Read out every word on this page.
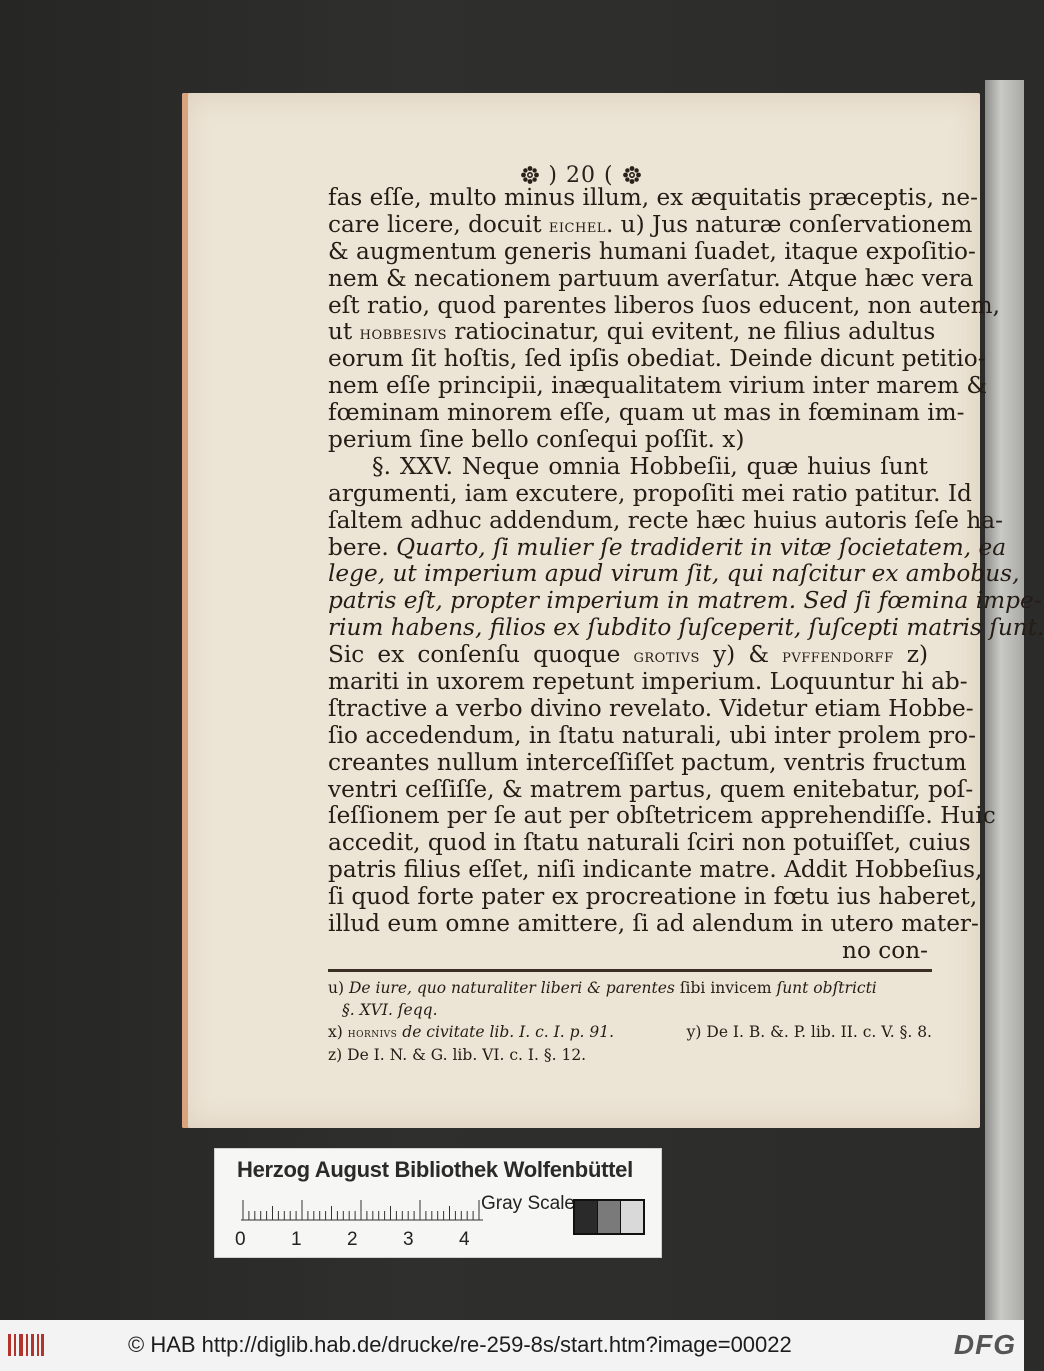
) 20 (
fas eſſe, multo minus illum, ex æquitatis præceptis, ne-
care licere, docuit eichel. u) Jus naturæ conſervationem
& augmentum generis humani ſuadet, itaque expoſitio-
nem & necationem partuum averſatur. Atque hæc vera
eſt ratio, quod parentes liberos ſuos educent, non autem,
ut hobbesivs ratiocinatur, qui evitent, ne filius adultus
eorum ſit hoſtis, ſed ipſis obediat. Deinde dicunt petitio-
nem eſſe principii, inæqualitatem virium inter marem &
fœminam minorem eſſe, quam ut mas in fœminam im-
perium ſine bello conſequi poſſit. x)
§. XXV. Neque omnia Hobbeſii, quæ huius ſunt
argumenti, iam excutere, propoſiti mei ratio patitur. Id
ſaltem adhuc addendum, recte hæc huius autoris ſeſe ha-
bere. Quarto, ſi mulier ſe tradiderit in vitæ ſocietatem, ea
lege, ut imperium apud virum ſit, qui naſcitur ex ambobus,
patris eſt, propter imperium in matrem. Sed ſi fœmina impe-
rium habens, filios ex ſubdito ſuſceperit, ſuſcepti matris ſunt.
Sic ex conſenſu quoque grotivs y) & pvffendorff z)
mariti in uxorem repetunt imperium. Loquuntur hi ab-
ſtractive a verbo divino revelato. Videtur etiam Hobbe-
ſio accedendum, in ſtatu naturali, ubi inter prolem pro-
creantes nullum interceſſiſſet pactum, ventris fructum
ventri ceſſiſſe, & matrem partus, quem enitebatur, poſ-
ſeſſionem per ſe aut per obſtetricem apprehendiſſe. Huic
accedit, quod in ſtatu naturali ſciri non potuiſſet, cuius
patris filius eſſet, niſi indicante matre. Addit Hobbeſius,
ſi quod forte pater ex procreatione in fœtu ius haberet,
illud eum omne amittere, ſi ad alendum in utero mater-
no con-
u) De iure, quo naturaliter liberi & parentes ſibi invicem ſunt obſtricti
§. XVI. ſeqq.
x) hornivs de civitate lib. I. c. I. p. 91.	y) De I. B. &. P. lib. II. c. V. §. 8.
z) De I. N. & G. lib. VI. c. I. §. 12.
Herzog August Bibliothek Wolfenbüttel
0 1 2 3 4
Gray Scale
© HAB http://diglib.hab.de/drucke/re-259-8s/start.htm?image=00022	DFG
